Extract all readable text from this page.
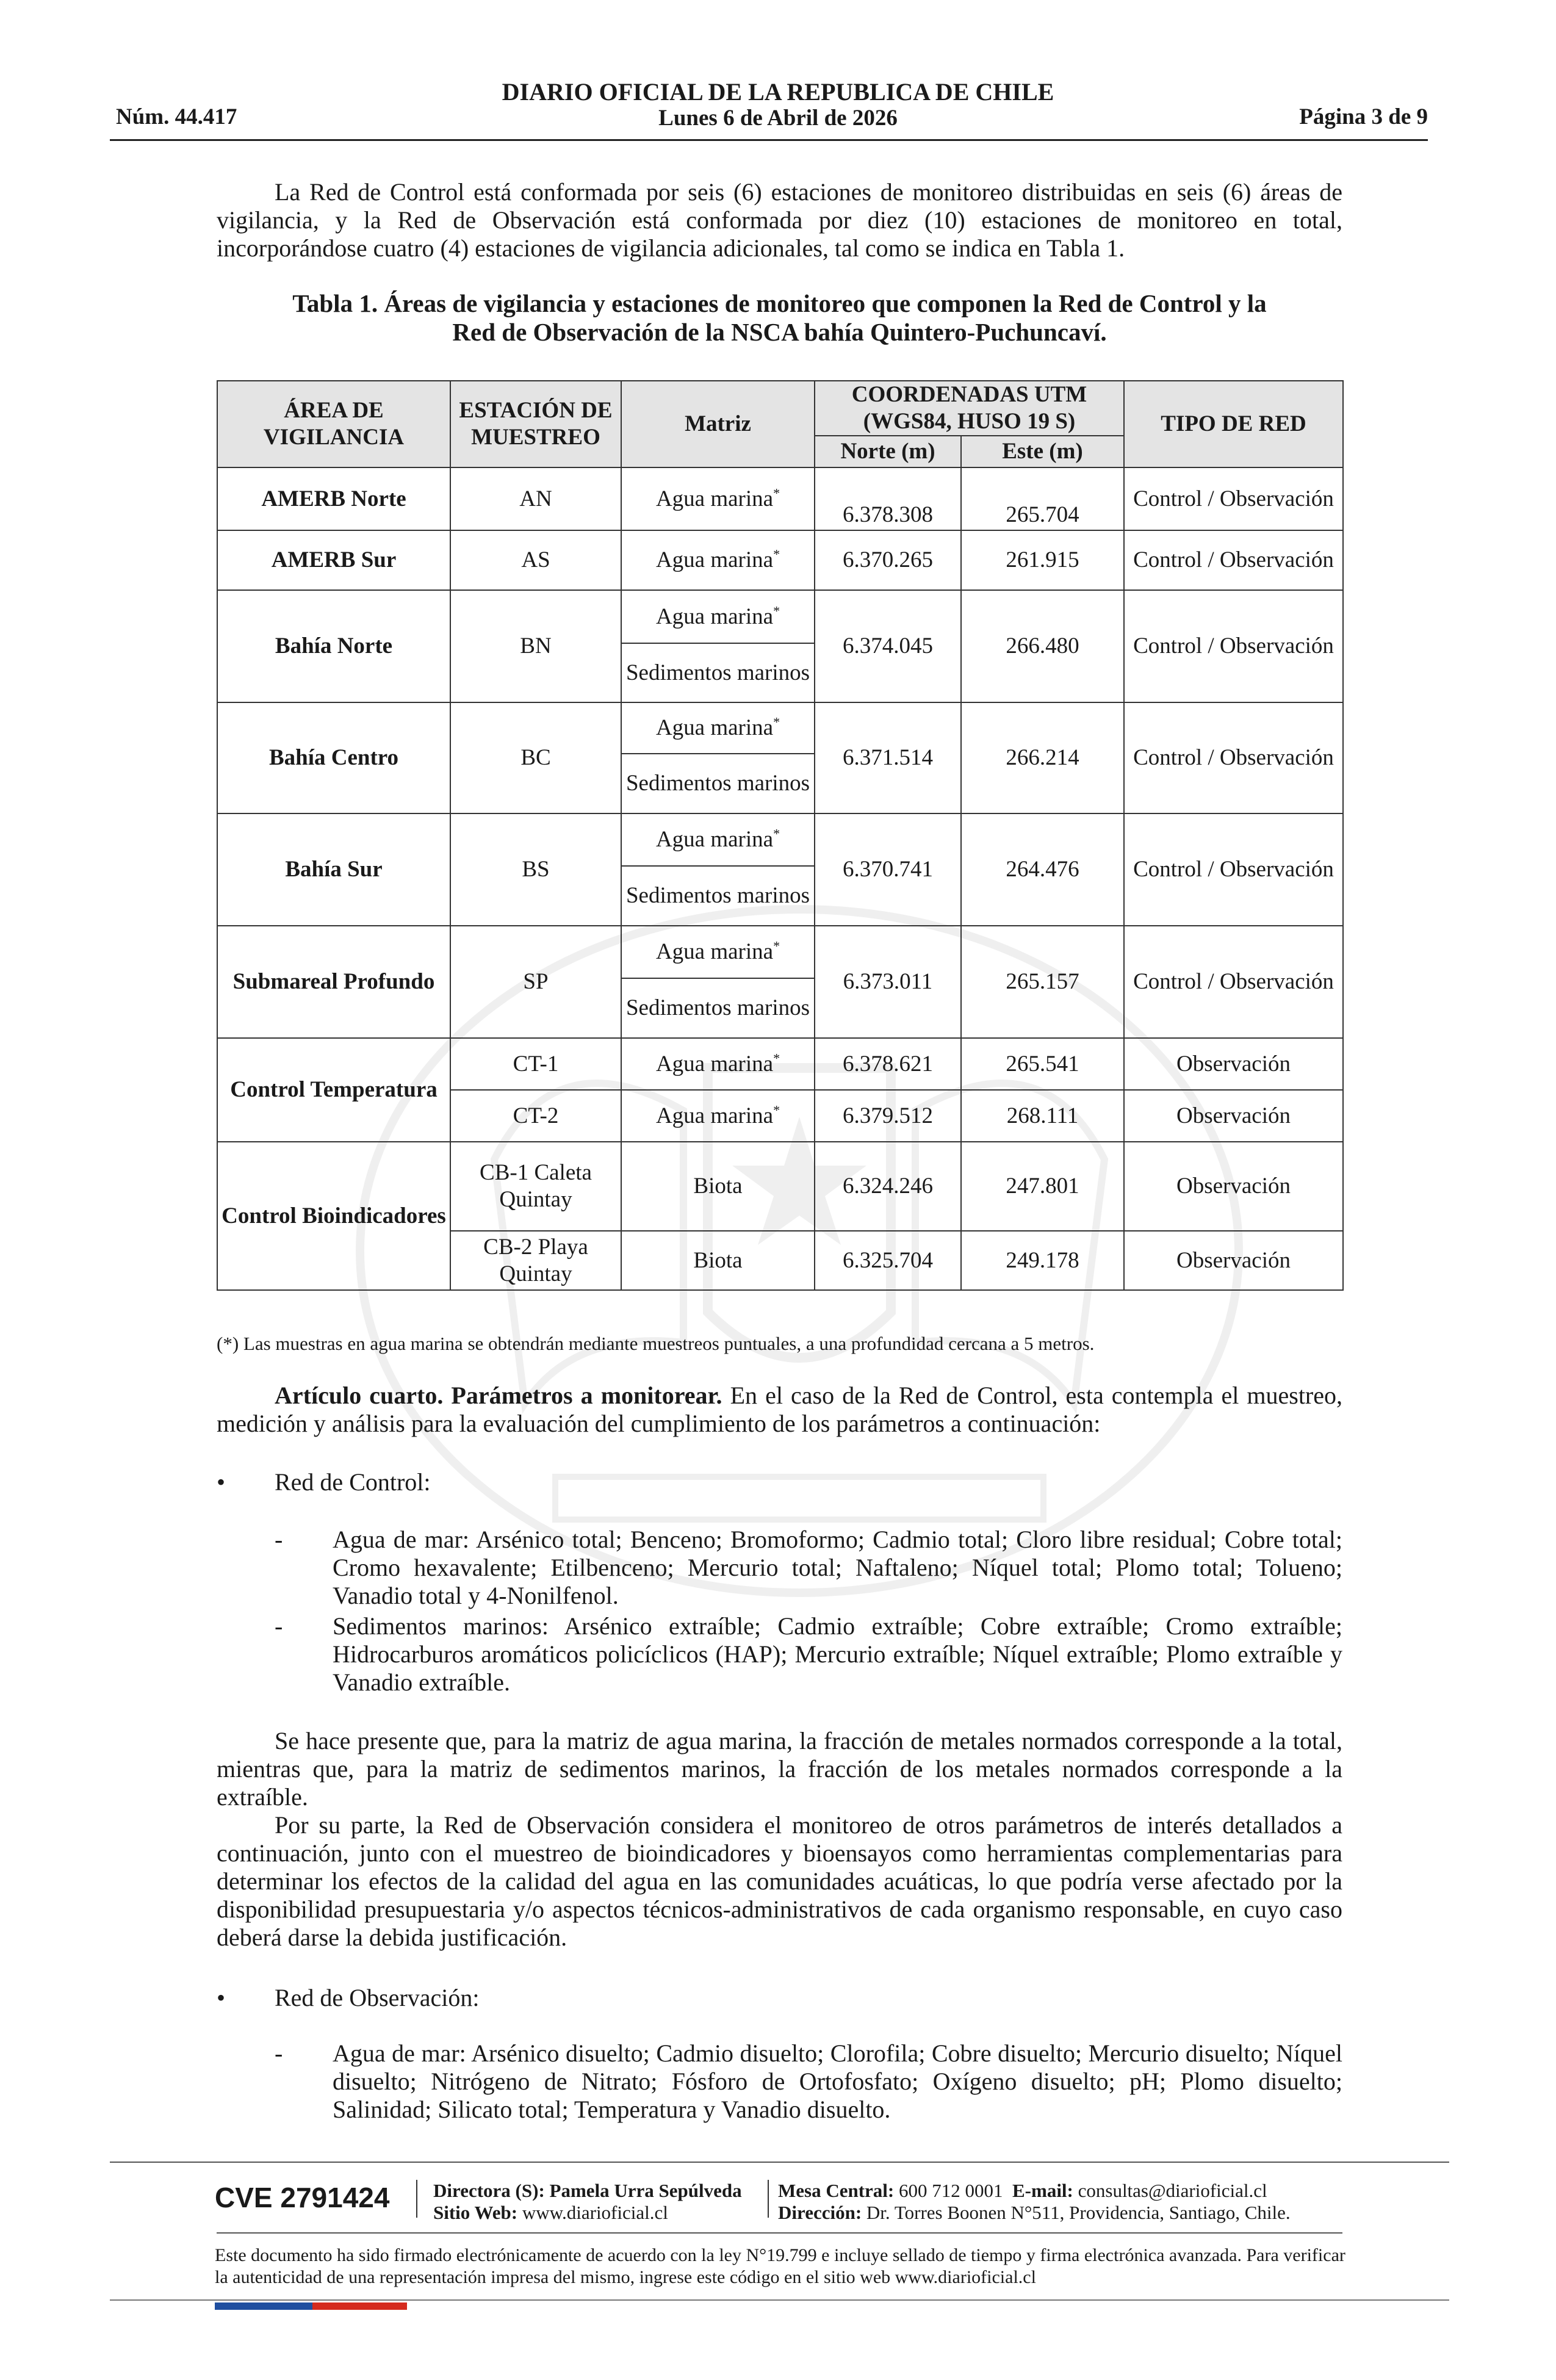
Núm. 44.417
DIARIO OFICIAL DE LA REPUBLICA DE CHILE
Lunes 6 de Abril de 2026	Página 3 de 9
La Red de Control está conformada por seis (6) estaciones de monitoreo distribuidas en seis (6) áreas de vigilancia, y la Red de Observación está conformada por diez (10) estaciones de monitoreo en total, incorporándose cuatro (4) estaciones de vigilancia adicionales, tal como se indica en Tabla 1.
Tabla 1. Áreas de vigilancia y estaciones de monitoreo que componen la Red de Control y la
Red de Observación de la NSCA bahía Quintero-Puchuncaví.
ÁREA DE VIGILANCIA	ESTACIÓN DE MUESTREO	Matriz	COORDENADAS UTM (WGS84, HUSO 19 S)		TIPO DE RED
			Norte (m)	Este (m)	
AMERB Norte	AN	Agua marina*	6.378.308	265.704	Control / Observación
AMERB Sur	AS	Agua marina*	6.370.265	261.915	Control / Observación
Bahía Norte	BN	Agua marina*	6.374.045	266.480	Control / Observación
		Sedimentos marinos			
Bahía Centro	BC	Agua marina*	6.371.514	266.214	Control / Observación
		Sedimentos marinos			
Bahía Sur	BS	Agua marina*	6.370.741	264.476	Control / Observación
		Sedimentos marinos			
Submareal Profundo	SP	Agua marina*	6.373.011	265.157	Control / Observación
		Sedimentos marinos			
Control Temperatura	CT-1	Agua marina*	6.378.621	265.541	Observación
	CT-2	Agua marina*	6.379.512	268.111	Observación
Control Bioindicadores	CB-1 Caleta Quintay	Biota	6.324.246	247.801	Observación
	CB-2 Playa Quintay	Biota	6.325.704	249.178	Observación
(*) Las muestras en agua marina se obtendrán mediante muestreos puntuales, a una profundidad cercana a 5 metros.
Artículo cuarto. Parámetros a monitorear. En el caso de la Red de Control, esta contempla el muestreo, medición y análisis para la evaluación del cumplimiento de los parámetros a continuación:
• Red de Control:
- Agua de mar: Arsénico total; Benceno; Bromoformo; Cadmio total; Cloro libre residual; Cobre total; Cromo hexavalente; Etilbenceno; Mercurio total; Naftaleno; Níquel total; Plomo total; Tolueno; Vanadio total y 4-Nonilfenol.
- Sedimentos marinos: Arsénico extraíble; Cadmio extraíble; Cobre extraíble; Cromo extraíble; Hidrocarburos aromáticos policíclicos (HAP); Mercurio extraíble; Níquel extraíble; Plomo extraíble y Vanadio extraíble.
Se hace presente que, para la matriz de agua marina, la fracción de metales normados corresponde a la total, mientras que, para la matriz de sedimentos marinos, la fracción de los metales normados corresponde a la extraíble.
Por su parte, la Red de Observación considera el monitoreo de otros parámetros de interés detallados a continuación, junto con el muestreo de bioindicadores y bioensayos como herramientas complementarias para determinar los efectos de la calidad del agua en las comunidades acuáticas, lo que podría verse afectado por la disponibilidad presupuestaria y/o aspectos técnicos-administrativos de cada organismo responsable, en cuyo caso deberá darse la debida justificación.
• Red de Observación:
- Agua de mar: Arsénico disuelto; Cadmio disuelto; Clorofila; Cobre disuelto; Mercurio disuelto; Níquel disuelto; Nitrógeno de Nitrato; Fósforo de Ortofosfato; Oxígeno disuelto; pH; Plomo disuelto; Salinidad; Silicato total; Temperatura y Vanadio disuelto.
CVE 2791424 Directora (S): Pamela Urra Sepúlveda
Sitio Web: www.diarioficial.cl
Mesa Central: 600 712 0001 E-mail: consultas@diarioficial.cl
Dirección: Dr. Torres Boonen N°511, Providencia, Santiago, Chile.
Este documento ha sido firmado electrónicamente de acuerdo con la ley N°19.799 e incluye sellado de tiempo y firma electrónica avanzada. Para verificar la autenticidad de una representación impresa del mismo, ingrese este código en el sitio web www.diarioficial.cl
